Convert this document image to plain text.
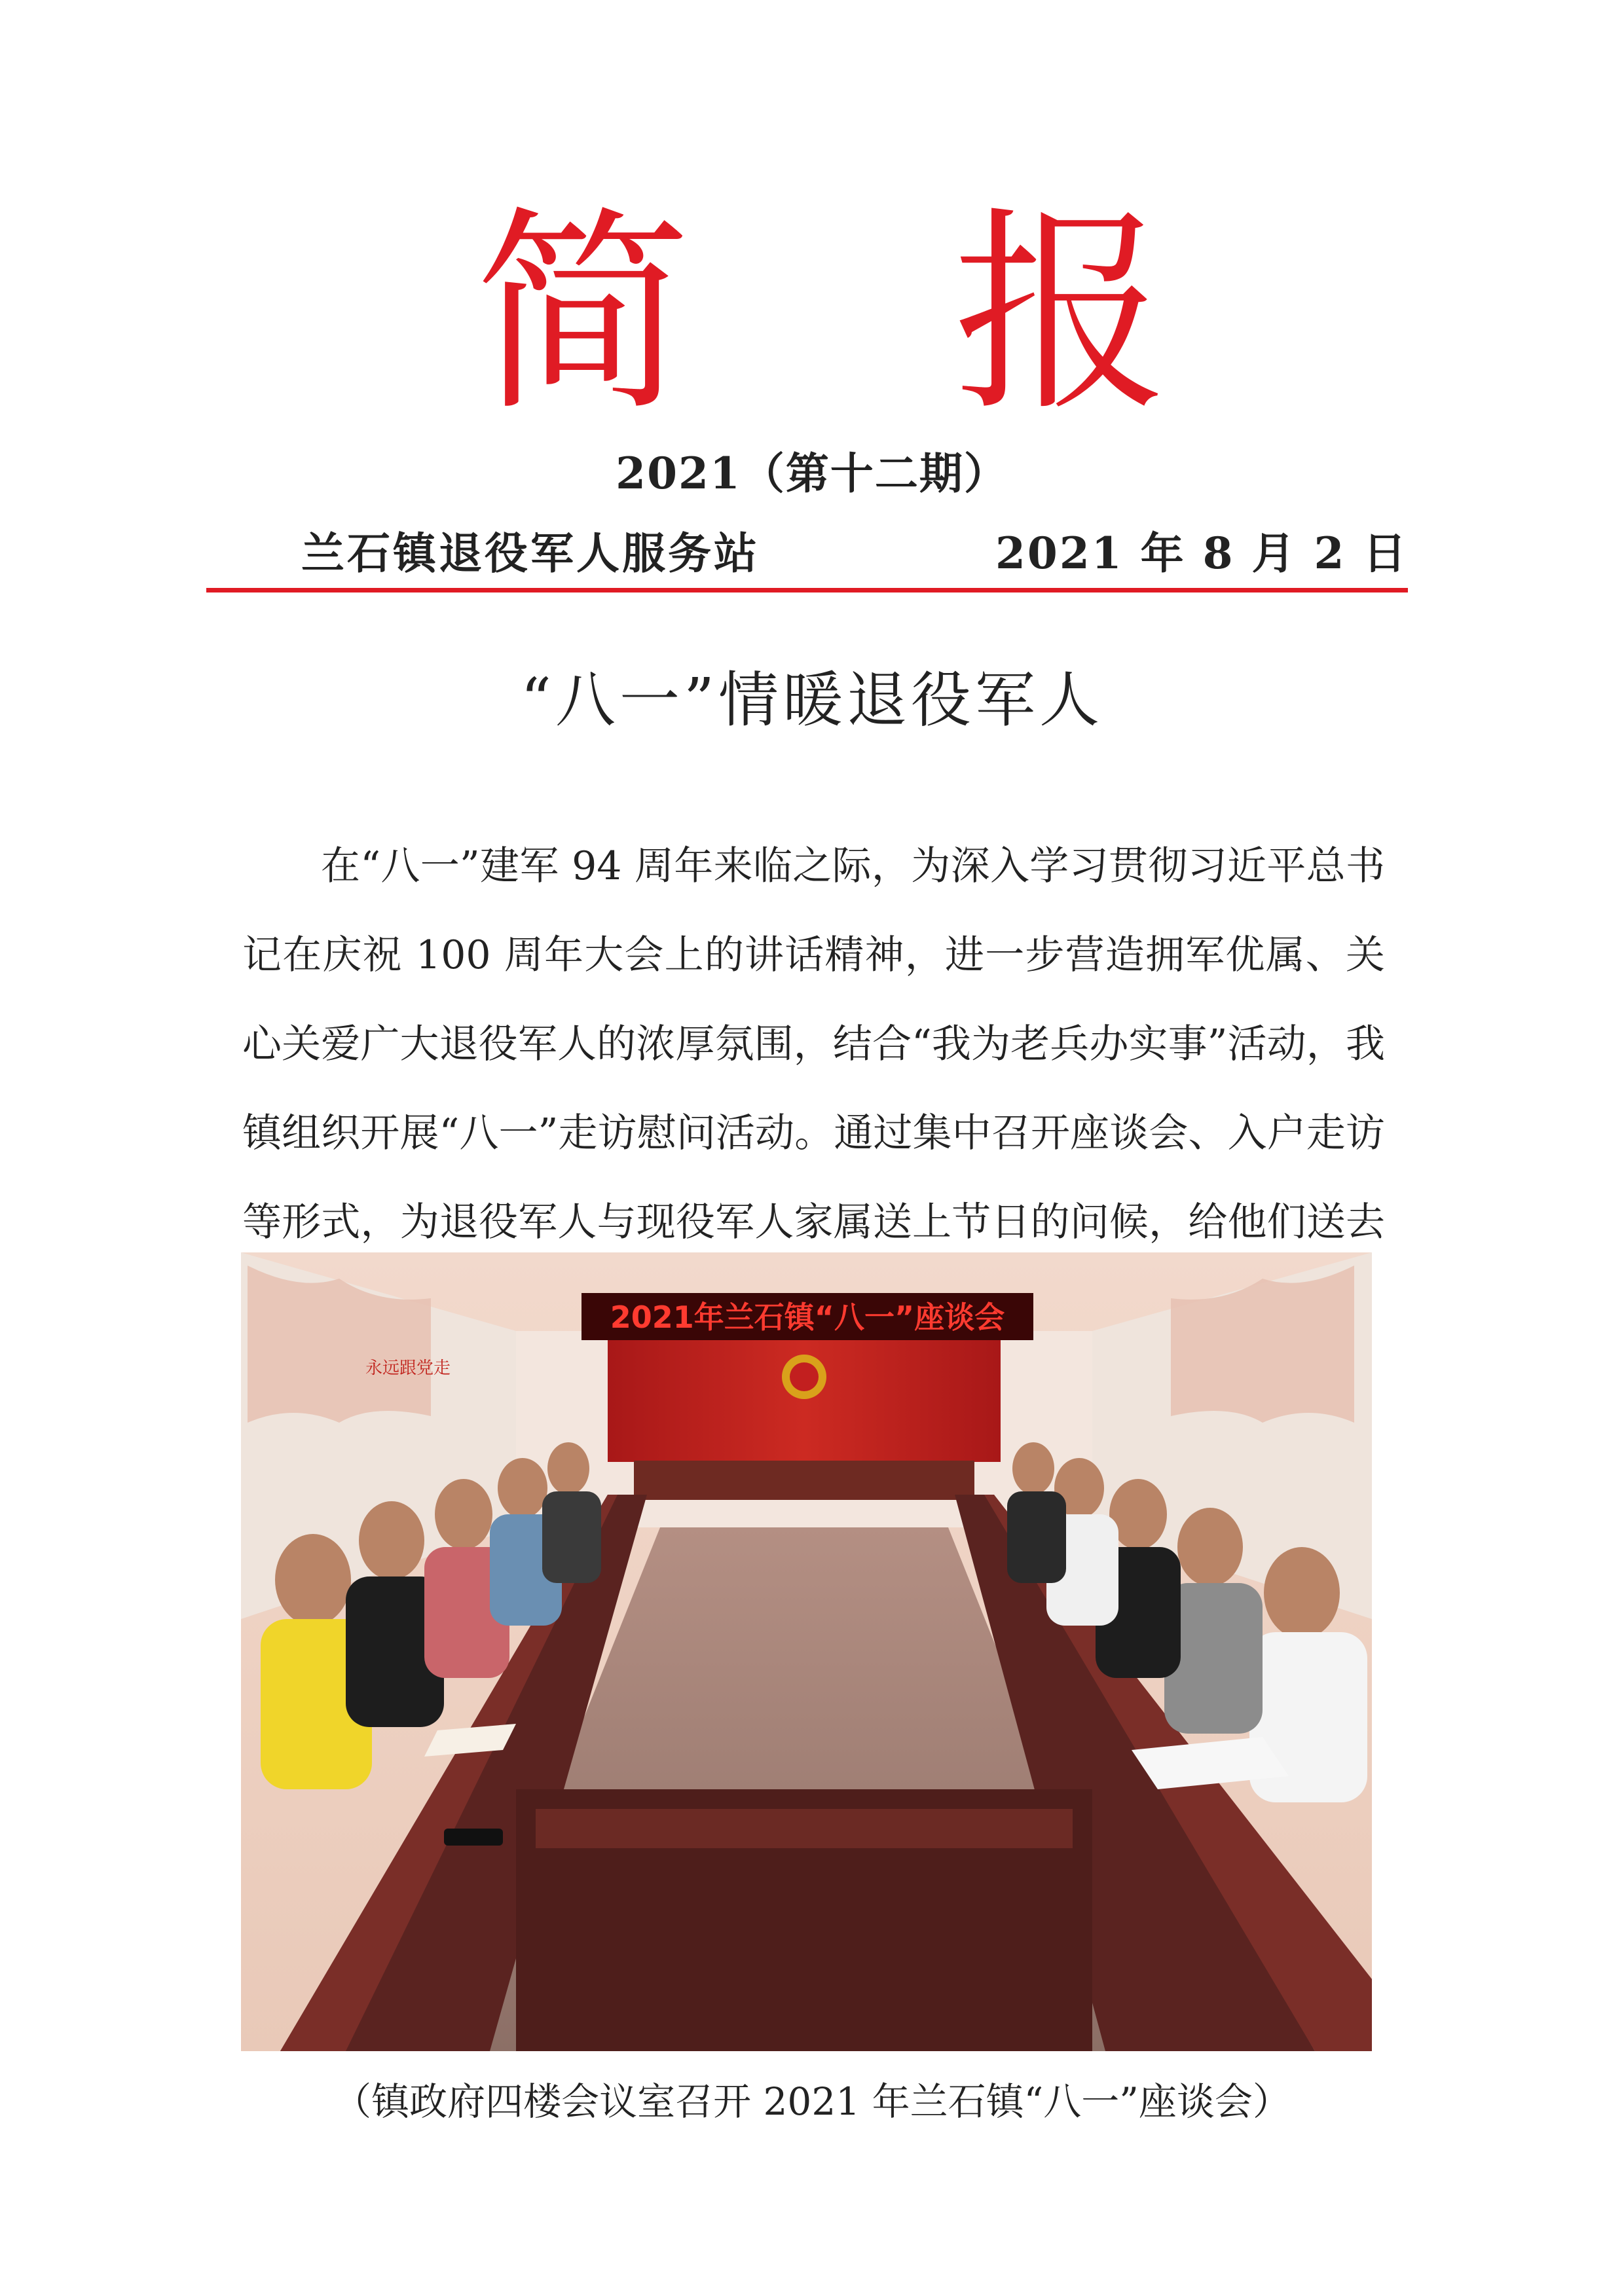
简 报
2021（第十二期）
兰石镇退役军人服务站	2021 年 8 月 2 日
“八一”情暖退役军人

在“八一”建军 94 周年来临之际，为深入学习贯彻习近平总书记在庆祝 100 周年大会上的讲话精神，进一步营造拥军优属、关心关爱广大退役军人的浓厚氛围，结合“我为老兵办实事”活动，我镇组织开展“八一”走访慰问活动。通过集中召开座谈会、入户走访等形式，为退役军人与现役军人家属送上节日的问候，给他们送去

2021年兰石镇“八一”座谈会
永远跟党走
（镇政府四楼会议室召开 2021 年兰石镇“八一”座谈会）
